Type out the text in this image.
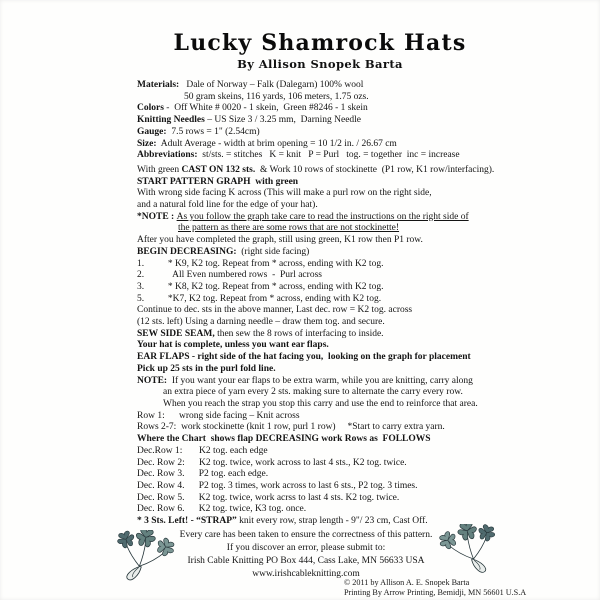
Lucky Shamrock Hats
By Allison Snopek Barta
Materials:   Dale of Norway – Falk (Dalegarn) 100% wool
50 gram skeins, 116 yards, 106 meters, 1.75 ozs.
Colors -  Off White # 0020 - 1 skein,  Green #8246 - 1 skein
Knitting Needles – US Size 3 / 3.25 mm,  Darning Needle
Gauge:  7.5 rows = 1" (2.54cm)
Size:  Adult Average - width at brim opening = 10 1/2 in. / 26.67 cm
Abbreviations:  st/sts. = stitches   K = knit   P = Purl   tog. = together  inc = increase
With green CAST ON 132 sts.  & Work 10 rows of stockinette  (P1 row, K1 row/interfacing).
START PATTERN GRAPH  with green
With wrong side facing K across (This will make a purl row on the right side,
and a natural fold line for the edge of your hat).
*NOTE : As you follow the graph take care to read the instructions on the right side of
the pattern as there are some rows that are not stockinette!
After you have completed the graph, still using green, K1 row then P1 row.
BEGIN DECREASING:  (right side facing)
1.          * K9, K2 tog. Repeat from * across, ending with K2 tog.
2.            All Even numbered rows  -  Purl across
3.          * K8, K2 tog. Repeat from * across, ending with K2 tog.
5.          *K7, K2 tog. Repeat from * across, ending with K2 tog.
Continue to dec. sts in the above manner, Last dec. row = K2 tog. across
(12 sts. left) Using a darning needle – draw them tog. and secure.
SEW SIDE SEAM, then sew the 8 rows of interfacing to inside.
Your hat is complete, unless you want ear flaps.
EAR FLAPS - right side of the hat facing you,  looking on the graph for placement
Pick up 25 sts in the purl fold line.
NOTE:  If you want your ear flaps to be extra warm, while you are knitting, carry along
an extra piece of yarn every 2 sts. making sure to alternate the carry every row.
When you reach the strap you stop this carry and use the end to reinforce that area.
Row 1:      wrong side facing – Knit across
Rows 2-7:  work stockinette (knit 1 row, purl 1 row)     *Start to carry extra yarn.
Where the Chart  shows flap DECREASING work Rows as  FOLLOWS
Dec.Row 1:       K2 tog. each edge
Dec. Row 2:      K2 tog. twice, work across to last 4 sts., K2 tog. twice.
Dec. Row 3.      P2 tog. each edge.
Dec. Row 4.      P2 tog. 3 times, work across to last 6 sts., P2 tog. 3 times.
Dec. Row 5.      K2 tog. twice, work acrss to last 4 sts. K2 tog. twice.
Dec. Row 6.      K2 tog. twice, K3 tog. once.
* 3 Sts. Left! - “STRAP” knit every row, strap length - 9"/ 23 cm, Cast Off.
Every care has been taken to ensure the correctness of this pattern.
If you discover an error, please submit to:
Irish Cable Knitting PO Box 444, Cass Lake, MN 56633 USA
www.irishcableknitting.com
© 2011 by Allison A. E. Snopek Barta
Printing By Arrow Printing, Bemidji, MN 56601 U.S.A
